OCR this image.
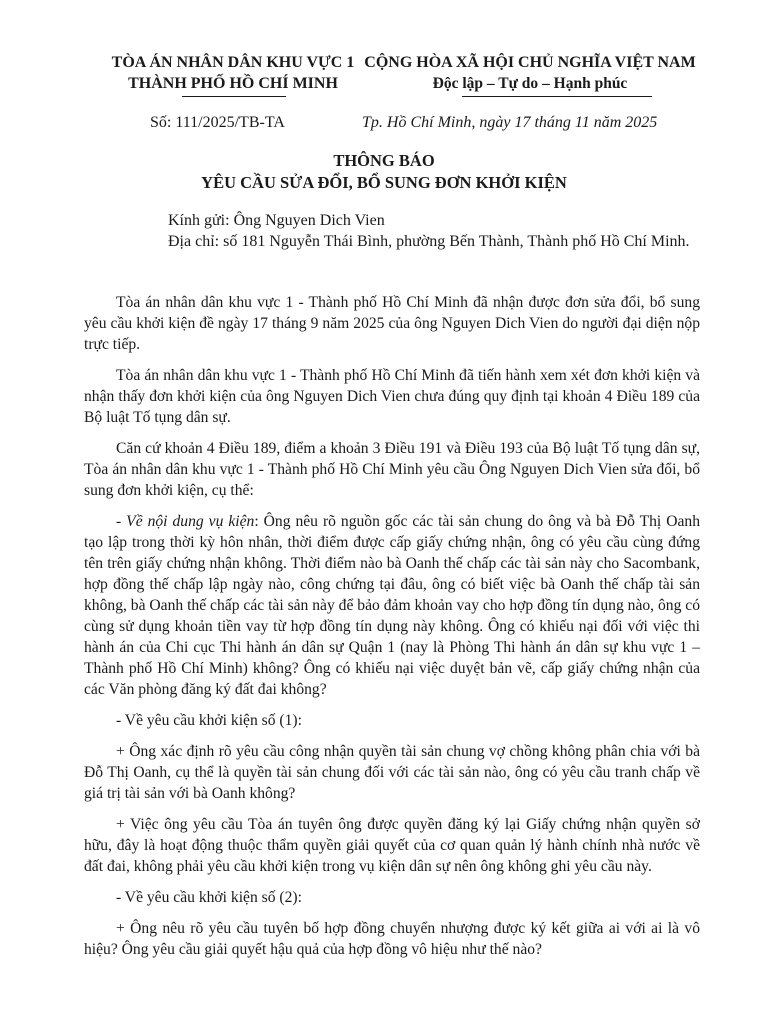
TÒA ÁN NHÂN DÂN KHU VỰC 1
THÀNH PHỐ HỒ CHÍ MINH
CỘNG HÒA XÃ HỘI CHỦ NGHĨA VIỆT NAM
Độc lập – Tự do – Hạnh phúc
Số: 111/2025/TB-TA	Tp. Hồ Chí Minh, ngày 17 tháng 11 năm 2025
THÔNG BÁO
YÊU CẦU SỬA ĐỔI, BỔ SUNG ĐƠN KHỞI KIỆN
Kính gửi: Ông Nguyen Dich Vien
Địa chỉ: số 181 Nguyễn Thái Bình, phường Bến Thành, Thành phố Hồ Chí Minh.

Tòa án nhân dân khu vực 1 - Thành phố Hồ Chí Minh đã nhận được đơn sửa đổi, bổ sung yêu cầu khởi kiện đề ngày 17 tháng 9 năm 2025 của ông Nguyen Dich Vien do người đại diện nộp trực tiếp.

Tòa án nhân dân khu vực 1 - Thành phố Hồ Chí Minh đã tiến hành xem xét đơn khởi kiện và nhận thấy đơn khởi kiện của ông Nguyen Dich Vien chưa đúng quy định tại khoản 4 Điều 189 của Bộ luật Tố tụng dân sự.

Căn cứ khoản 4 Điều 189, điểm a khoản 3 Điều 191 và Điều 193 của Bộ luật Tố tụng dân sự, Tòa án nhân dân khu vực 1 - Thành phố Hồ Chí Minh yêu cầu Ông Nguyen Dich Vien sửa đổi, bổ sung đơn khởi kiện, cụ thể:

- Về nội dung vụ kiện: Ông nêu rõ nguồn gốc các tài sản chung do ông và bà Đỗ Thị Oanh tạo lập trong thời kỳ hôn nhân, thời điểm được cấp giấy chứng nhận, ông có yêu cầu cùng đứng tên trên giấy chứng nhận không. Thời điểm nào bà Oanh thế chấp các tài sản này cho Sacombank, hợp đồng thế chấp lập ngày nào, công chứng tại đâu, ông có biết việc bà Oanh thế chấp tài sản không, bà Oanh thế chấp các tài sản này để bảo đảm khoản vay cho hợp đồng tín dụng nào, ông có cùng sử dụng khoản tiền vay từ hợp đồng tín dụng này không. Ông có khiếu nại đối với việc thi hành án của Chi cục Thi hành án dân sự Quận 1 (nay là Phòng Thi hành án dân sự khu vực 1 – Thành phố Hồ Chí Minh) không? Ông có khiếu nại việc duyệt bản vẽ, cấp giấy chứng nhận của các Văn phòng đăng ký đất đai không?

- Về yêu cầu khởi kiện số (1):

+ Ông xác định rõ yêu cầu công nhận quyền tài sản chung vợ chồng không phân chia với bà Đỗ Thị Oanh, cụ thể là quyền tài sản chung đối với các tài sản nào, ông có yêu cầu tranh chấp về giá trị tài sản với bà Oanh không?

+ Việc ông yêu cầu Tòa án tuyên ông được quyền đăng ký lại Giấy chứng nhận quyền sở hữu, đây là hoạt động thuộc thẩm quyền giải quyết của cơ quan quản lý hành chính nhà nước về đất đai, không phải yêu cầu khởi kiện trong vụ kiện dân sự nên ông không ghi yêu cầu này.

- Về yêu cầu khởi kiện số (2):

+ Ông nêu rõ yêu cầu tuyên bố hợp đồng chuyển nhượng được ký kết giữa ai với ai là vô hiệu? Ông yêu cầu giải quyết hậu quả của hợp đồng vô hiệu như thế nào?
